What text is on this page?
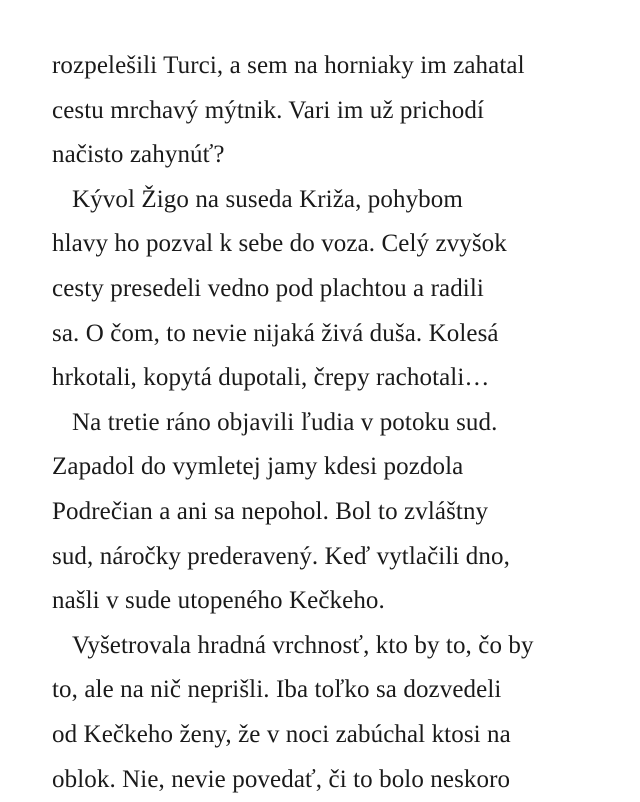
rozpelešili Turci, a sem na horniaky im zahatal
cestu mrchavý mýtnik. Vari im už prichodí
načisto zahynúť?
Kývol Žigo na suseda Križa, pohybom
hlavy ho pozval k sebe do voza. Celý zvyšok
cesty presedeli vedno pod plachtou a radili
sa. O čom, to nevie nijaká živá duša. Kolesá
hrkotali, kopytá dupotali, črepy rachotali…
Na tretie ráno objavili ľudia v potoku sud.
Zapadol do vymletej jamy kdesi pozdola
Podrečian a ani sa nepohol. Bol to zvláštny
sud, náročky prederavený. Keď vytlačili dno,
našli v sude utopeného Kečkeho.
Vyšetrovala hradná vrchnosť, kto by to, čo by
to, ale na nič neprišli. Iba toľko sa dozvedeli
od Kečkeho ženy, že v noci zabúchal ktosi na
oblok. Nie, nevie povedať, či to bolo neskoro
